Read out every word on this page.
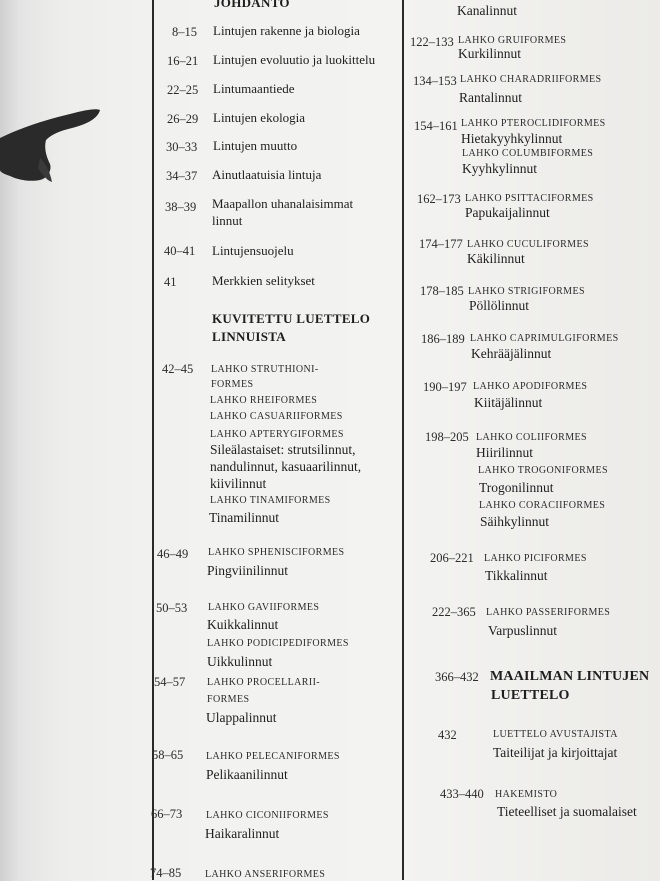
JOHDANTO
8–15 Lintujen rakenne ja biologia
16–21 Lintujen evoluutio ja luokittelu
22–25 Lintumaantiede
26–29 Lintujen ekologia
30–33 Lintujen muutto
34–37 Ainutlaatuisia lintuja
38–39 Maapallon uhanalaisimmat
linnut
40–41 Lintujensuojelu
41	Merkkien selitykset
KUVITETTU LUETTELO
LINNUISTA
42–45 LAHKO STRUTHIONI-
FORMES
LAHKO RHEIFORMES
LAHKO CASUARIIFORMES
LAHKO APTERYGIFORMES
Sileälastaiset: strutsilinnut,
nandulinnut, kasuaarilinnut,
kiivilinnut
LAHKO TINAMIFORMES
Tinamilinnut
46–49 LAHKO SPHENISCIFORMES
Pingviinilinnut
50–53 LAHKO GAVIIFORMES
Kuikkalinnut
LAHKO PODICIPEDIFORMES
Uikkulinnut
54–57 LAHKO PROCELLARII-
FORMES
Ulappalinnut
58–65 LAHKO PELECANIFORMES
Pelikaanilinnut
66–73 LAHKO CICONIIFORMES
Haikaralinnut
74–85 LAHKO ANSERIFORMES
Kanalinnut
122–133 LAHKO GRUIFORMES
Kurkilinnut
134–153 LAHKO CHARADRIIFORMES
Rantalinnut
154–161 LAHKO PTEROCLIDIFORMES
Hietakyyhkylinnut
LAHKO COLUMBIFORMES
Kyyhkylinnut
162–173 LAHKO PSITTACIFORMES
Papukaijalinnut
174–177 LAHKO CUCULIFORMES
Käkilinnut
178–185 LAHKO STRIGIFORMES
Pöllölinnut
186–189 LAHKO CAPRIMULGIFORMES
Kehrääjälinnut
190–197 LAHKO APODIFORMES
Kiitäjälinnut
198–205 LAHKO COLIIFORMES
Hiirilinnut
LAHKO TROGONIFORMES
Trogonilinnut
LAHKO CORACIIFORMES
Säihkylinnut
206–221 LAHKO PICIFORMES
Tikkalinnut
222–365 LAHKO PASSERIFORMES
Varpuslinnut
366–432 MAAILMAN LINTUJEN
LUETTELO
432	LUETTELO AVUSTAJISTA
Taiteilijat ja kirjoittajat
433–440 HAKEMISTO
Tieteelliset ja suomalaiset
